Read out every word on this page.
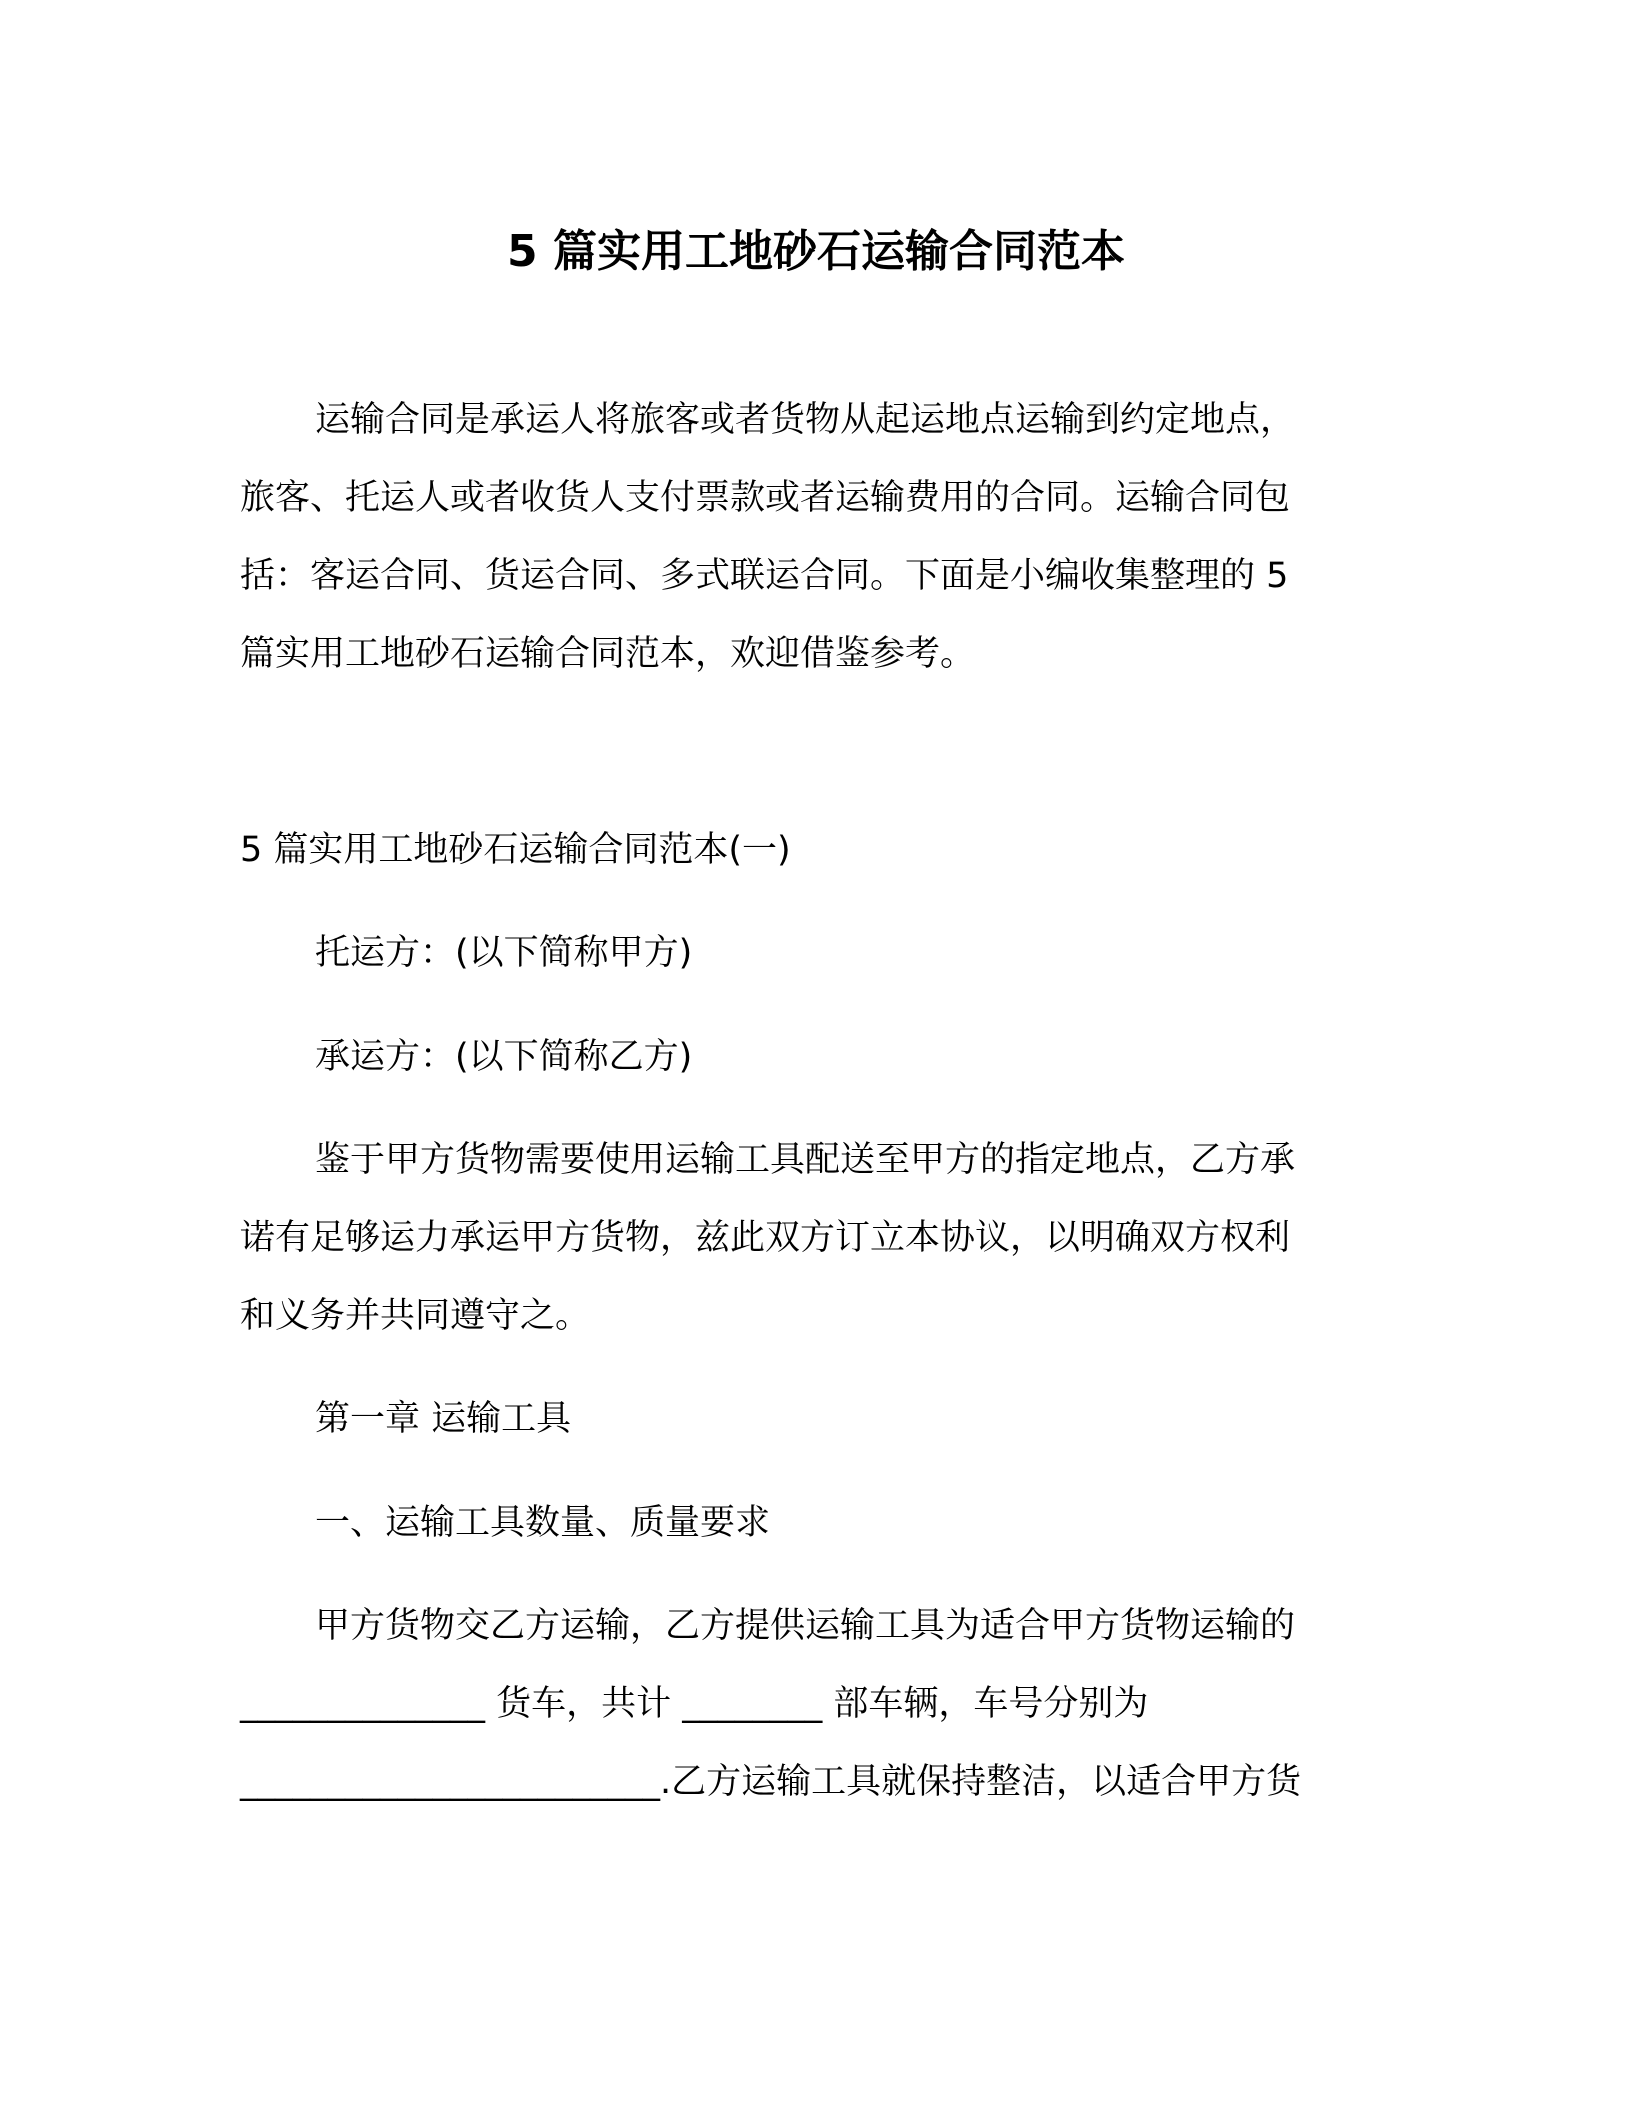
5 篇实用工地砂石运输合同范本
运输合同是承运人将旅客或者货物从起运地点运输到约定地点，
旅客、托运人或者收货人支付票款或者运输费用的合同。运输合同包
括：客运合同、货运合同、多式联运合同。下面是小编收集整理的 5
篇实用工地砂石运输合同范本，欢迎借鉴参考。
5 篇实用工地砂石运输合同范本(一)
托运方：(以下简称甲方)
承运方：(以下简称乙方)
鉴于甲方货物需要使用运输工具配送至甲方的指定地点，乙方承
诺有足够运力承运甲方货物，兹此双方订立本协议，以明确双方权利
和义务并共同遵守之。
第一章 运输工具
一、运输工具数量、质量要求
甲方货物交乙方运输，乙方提供运输工具为适合甲方货物运输的
______________ 货车，共计 ________ 部车辆，车号分别为
________________________.乙方运输工具就保持整洁，以适合甲方货
